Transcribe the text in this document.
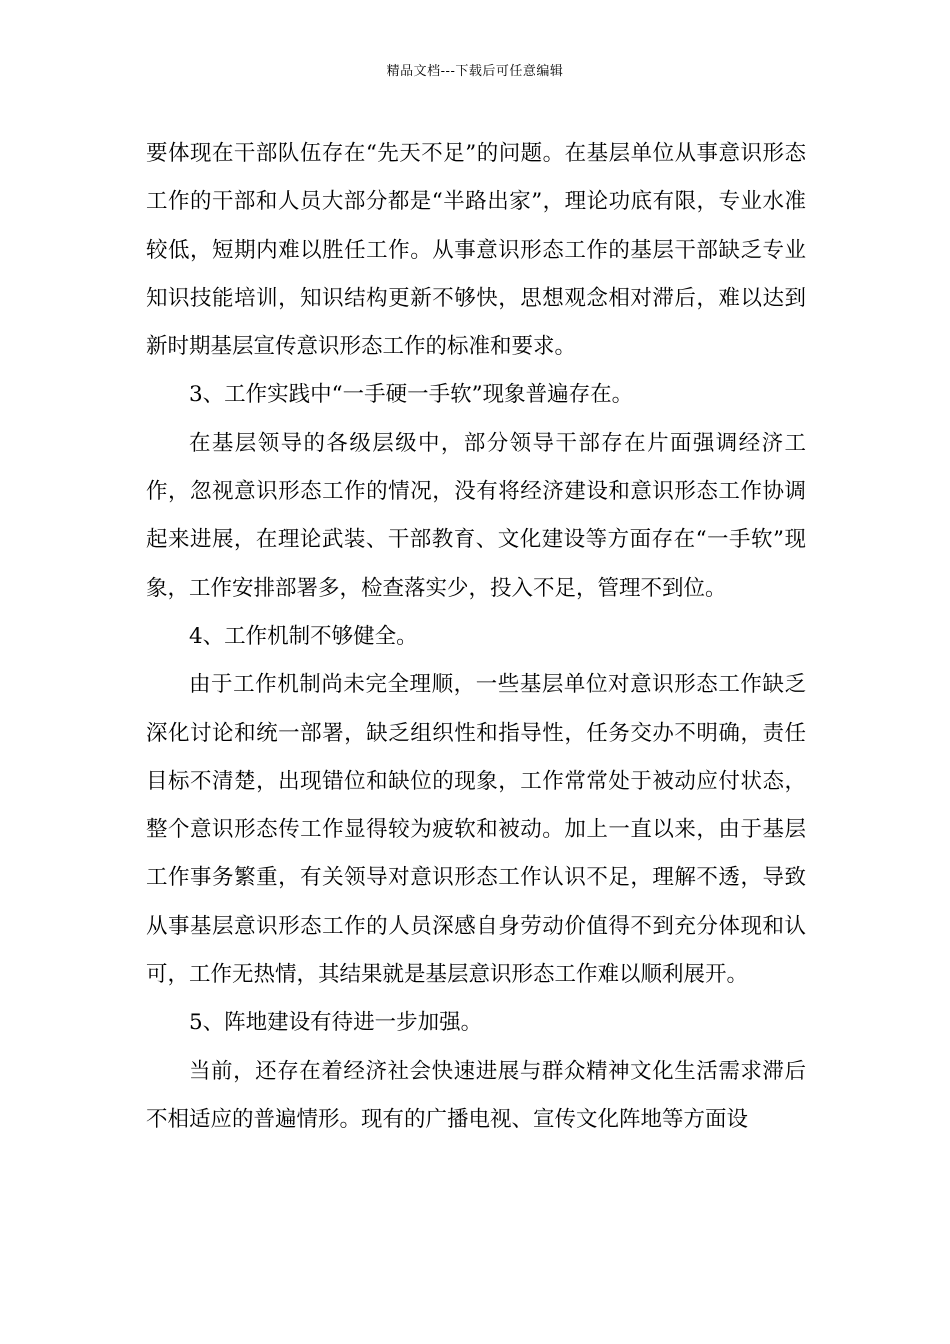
精品文档---下载后可任意编辑

要体现在干部队伍存在“先天不足”的问题。在基层单位从事意识形态工作的干部和人员大部分都是“半路出家”，理论功底有限，专业水准较低，短期内难以胜任工作。从事意识形态工作的基层干部缺乏专业知识技能培训，知识结构更新不够快，思想观念相对滞后，难以达到新时期基层宣传意识形态工作的标准和要求。

3、工作实践中“一手硬一手软”现象普遍存在。

在基层领导的各级层级中，部分领导干部存在片面强调经济工作，忽视意识形态工作的情况，没有将经济建设和意识形态工作协调起来进展，在理论武装、干部教育、文化建设等方面存在“一手软”现象，工作安排部署多，检查落实少，投入不足，管理不到位。

4、工作机制不够健全。

由于工作机制尚未完全理顺，一些基层单位对意识形态工作缺乏深化讨论和统一部署，缺乏组织性和指导性，任务交办不明确，责任目标不清楚，出现错位和缺位的现象，工作常常处于被动应付状态，整个意识形态传工作显得较为疲软和被动。加上一直以来，由于基层工作事务繁重，有关领导对意识形态工作认识不足，理解不透，导致从事基层意识形态工作的人员深感自身劳动价值得不到充分体现和认可，工作无热情，其结果就是基层意识形态工作难以顺利展开。

5、阵地建设有待进一步加强。

当前，还存在着经济社会快速进展与群众精神文化生活需求滞后不相适应的普遍情形。现有的广播电视、宣传文化阵地等方面设
